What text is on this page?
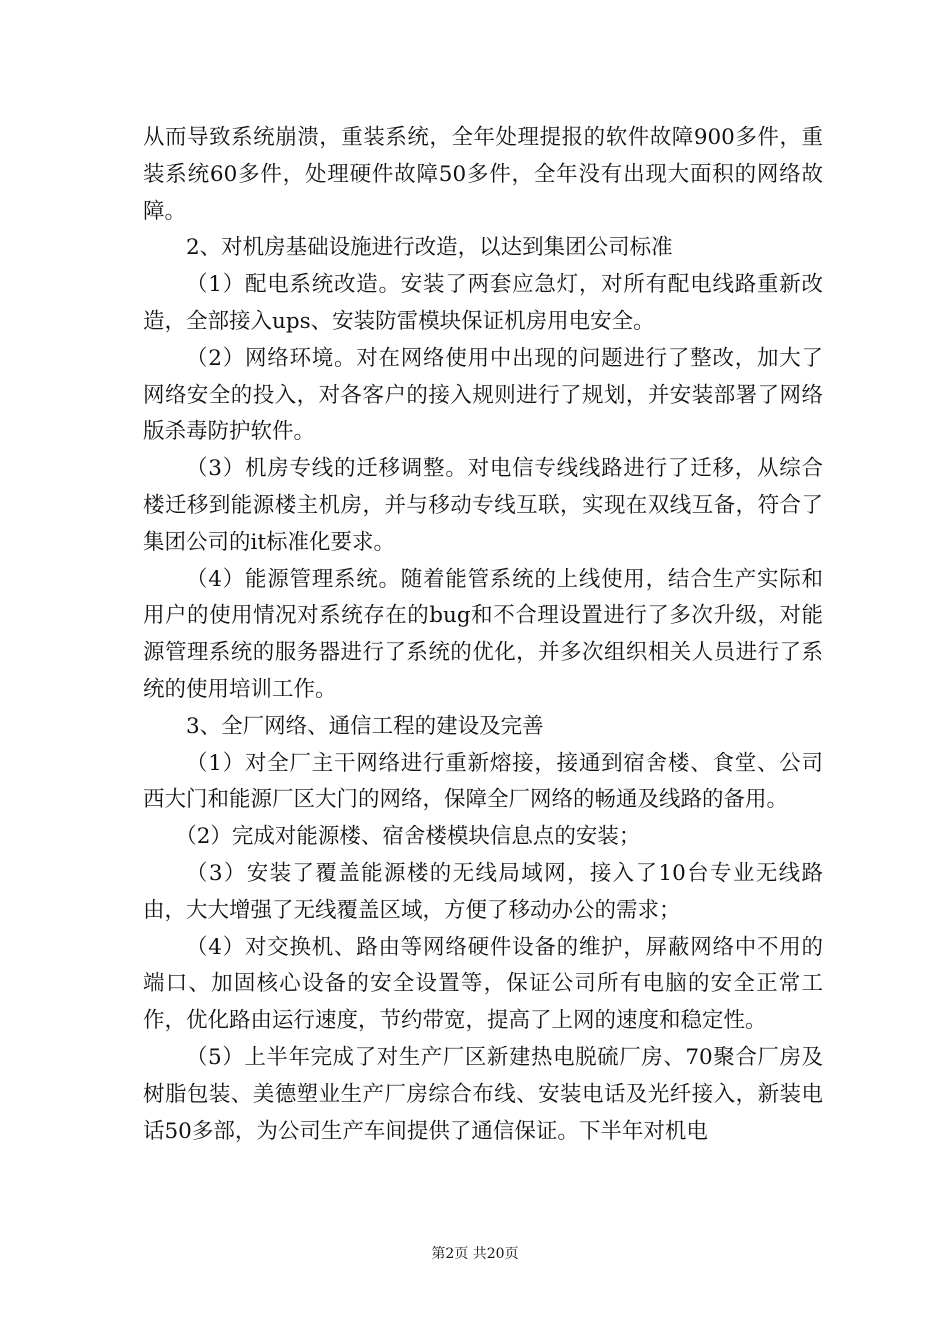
从而导致系统崩溃，重装系统，全年处理提报的软件故障900多件，重装系统60多件，处理硬件故障50多件，全年没有出现大面积的网络故障。

2、对机房基础设施进行改造，以达到集团公司标准

（1）配电系统改造。安装了两套应急灯，对所有配电线路重新改造，全部接入ups、安装防雷模块保证机房用电安全。

（2）网络环境。对在网络使用中出现的问题进行了整改，加大了网络安全的投入，对各客户的接入规则进行了规划，并安装部署了网络版杀毒防护软件。

（3）机房专线的迁移调整。对电信专线线路进行了迁移，从综合楼迁移到能源楼主机房，并与移动专线互联，实现在双线互备，符合了集团公司的it标准化要求。

（4）能源管理系统。随着能管系统的上线使用，结合生产实际和用户的使用情况对系统存在的bug和不合理设置进行了多次升级，对能源管理系统的服务器进行了系统的优化，并多次组织相关人员进行了系统的使用培训工作。

3、全厂网络、通信工程的建设及完善

（1）对全厂主干网络进行重新熔接，接通到宿舍楼、食堂、公司西大门和能源厂区大门的网络，保障全厂网络的畅通及线路的备用。

（2）完成对能源楼、宿舍楼模块信息点的安装；

（3）安装了覆盖能源楼的无线局域网，接入了10台专业无线路由，大大增强了无线覆盖区域，方便了移动办公的需求；

（4）对交换机、路由等网络硬件设备的维护，屏蔽网络中不用的端口、加固核心设备的安全设置等，保证公司所有电脑的安全正常工作，优化路由运行速度，节约带宽，提高了上网的速度和稳定性。

（5）上半年完成了对生产厂区新建热电脱硫厂房、70聚合厂房及树脂包装、美德塑业生产厂房综合布线、安装电话及光纤接入，新装电话50多部，为公司生产车间提供了通信保证。下半年对机电

第2页 共20页
